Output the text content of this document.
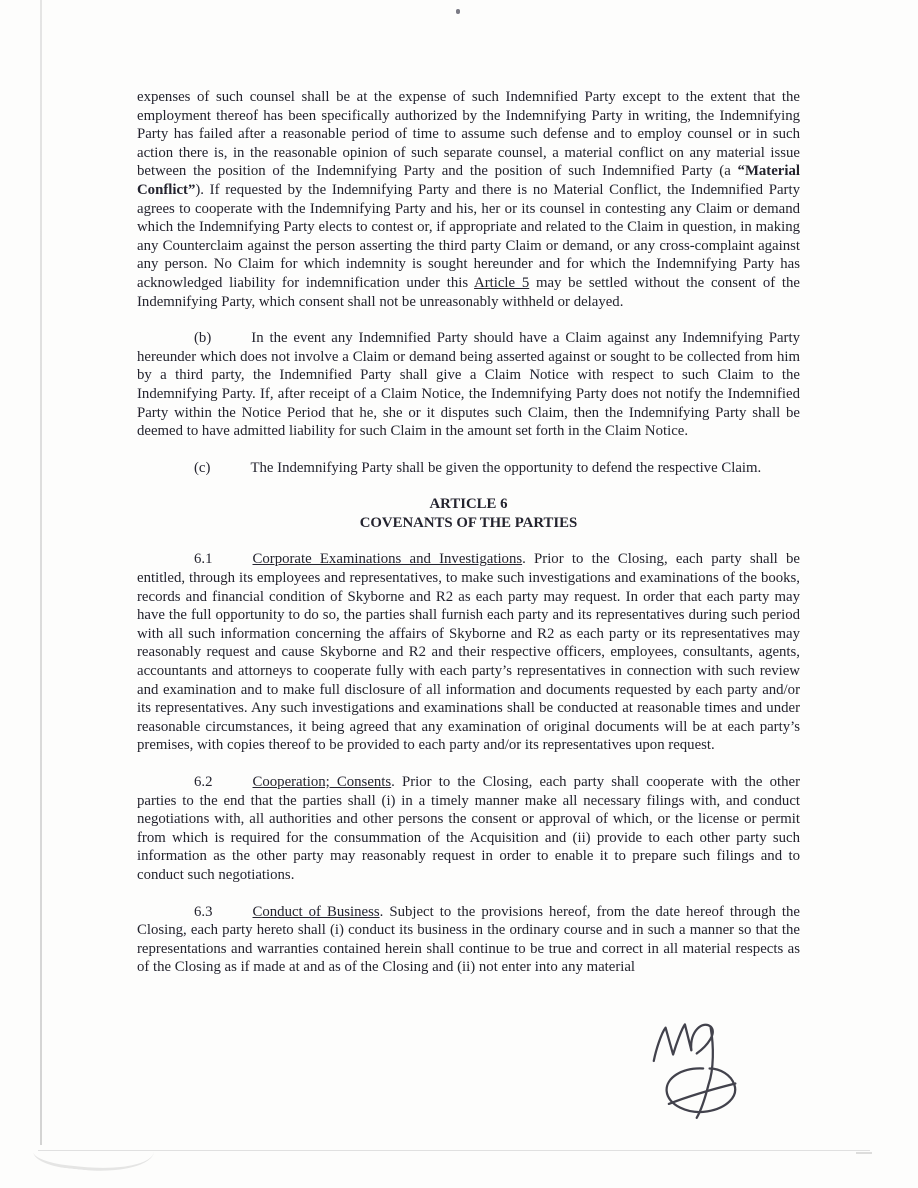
expenses of such counsel shall be at the expense of such Indemnified Party except to the extent that the employment thereof has been specifically authorized by the Indemnifying Party in writing, the Indemnifying Party has failed after a reasonable period of time to assume such defense and to employ counsel or in such action there is, in the reasonable opinion of such separate counsel, a material conflict on any material issue between the position of the Indemnifying Party and the position of such Indemnified Party (a “Material Conflict”). If requested by the Indemnifying Party and there is no Material Conflict, the Indemnified Party agrees to cooperate with the Indemnifying Party and his, her or its counsel in contesting any Claim or demand which the Indemnifying Party elects to contest or, if appropriate and related to the Claim in question, in making any Counterclaim against the person asserting the third party Claim or demand, or any cross-complaint against any person. No Claim for which indemnity is sought hereunder and for which the Indemnifying Party has acknowledged liability for indemnification under this Article 5 may be settled without the consent of the Indemnifying Party, which consent shall not be unreasonably withheld or delayed.

(b)	In the event any Indemnified Party should have a Claim against any Indemnifying Party hereunder which does not involve a Claim or demand being asserted against or sought to be collected from him by a third party, the Indemnified Party shall give a Claim Notice with respect to such Claim to the Indemnifying Party. If, after receipt of a Claim Notice, the Indemnifying Party does not notify the Indemnified Party within the Notice Period that he, she or it disputes such Claim, then the Indemnifying Party shall be deemed to have admitted liability for such Claim in the amount set forth in the Claim Notice.

(c)	The Indemnifying Party shall be given the opportunity to defend the respective Claim.

ARTICLE 6
COVENANTS OF THE PARTIES

6.1	Corporate Examinations and Investigations. Prior to the Closing, each party shall be entitled, through its employees and representatives, to make such investigations and examinations of the books, records and financial condition of Skyborne and R2 as each party may request. In order that each party may have the full opportunity to do so, the parties shall furnish each party and its representatives during such period with all such information concerning the affairs of Skyborne and R2 as each party or its representatives may reasonably request and cause Skyborne and R2 and their respective officers, employees, consultants, agents, accountants and attorneys to cooperate fully with each party’s representatives in connection with such review and examination and to make full disclosure of all information and documents requested by each party and/or its representatives. Any such investigations and examinations shall be conducted at reasonable times and under reasonable circumstances, it being agreed that any examination of original documents will be at each party’s premises, with copies thereof to be provided to each party and/or its representatives upon request.

6.2	Cooperation; Consents. Prior to the Closing, each party shall cooperate with the other parties to the end that the parties shall (i) in a timely manner make all necessary filings with, and conduct negotiations with, all authorities and other persons the consent or approval of which, or the license or permit from which is required for the consummation of the Acquisition and (ii) provide to each other party such information as the other party may reasonably request in order to enable it to prepare such filings and to conduct such negotiations.

6.3	Conduct of Business. Subject to the provisions hereof, from the date hereof through the Closing, each party hereto shall (i) conduct its business in the ordinary course and in such a manner so that the representations and warranties contained herein shall continue to be true and correct in all material respects as of the Closing as if made at and as of the Closing and (ii) not enter into any material
